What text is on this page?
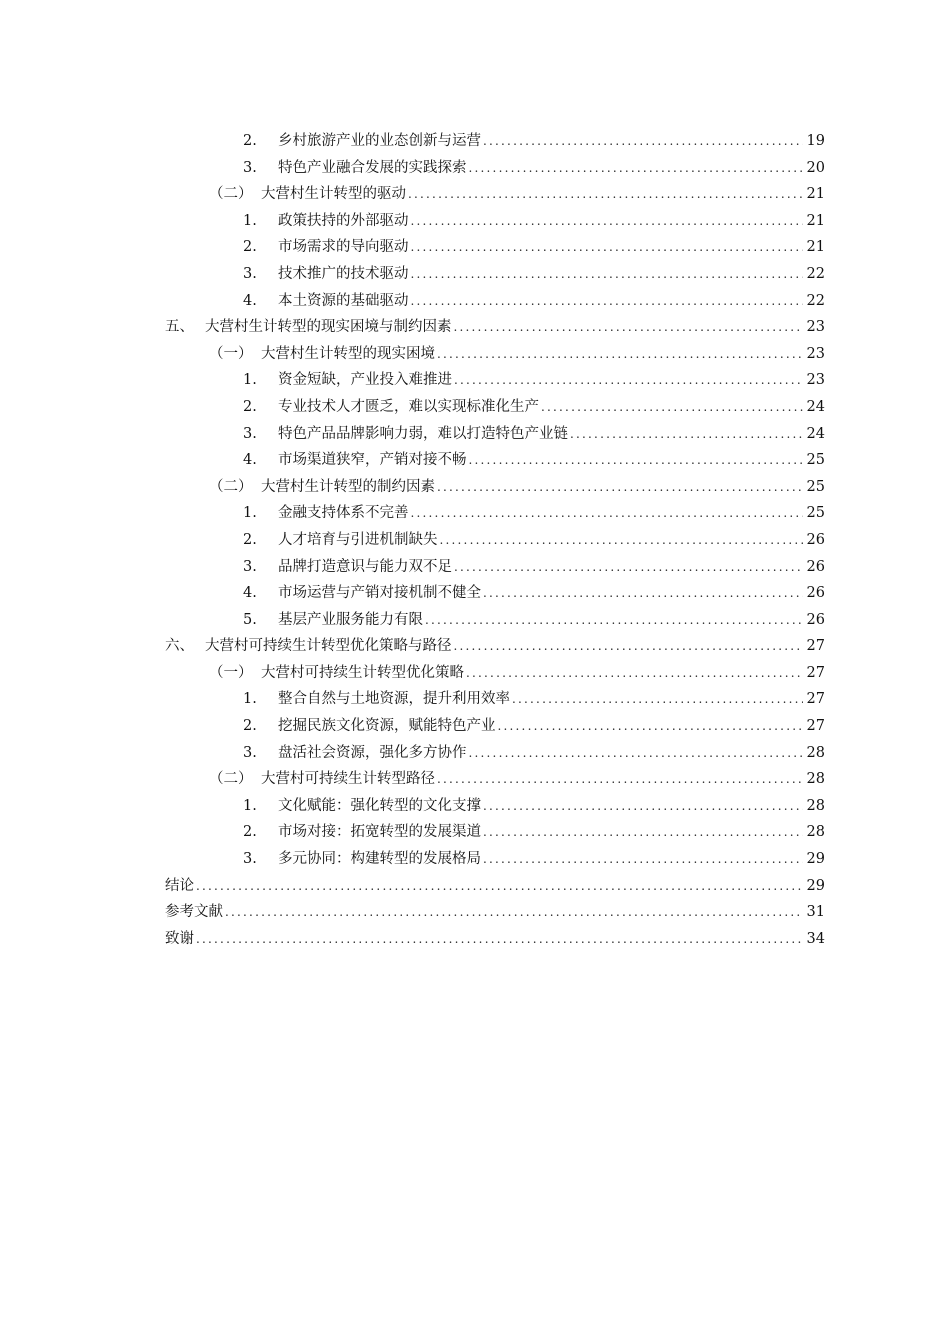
2.	乡村旅游产业的业态创新与运营 .....	19
3.	特色产业融合发展的实践探索 .....	20
（二） 大营村生计转型的驱动 .....	21
1.	政策扶持的外部驱动 .....	21
2.	市场需求的导向驱动 .....	21
3.	技术推广的技术驱动 .....	22
4.	本土资源的基础驱动 .....	22
五、 大营村生计转型的现实困境与制约因素 .....	23
（一） 大营村生计转型的现实困境 .....	23
1.	资金短缺，产业投入难推进 .....	23
2.	专业技术人才匮乏，难以实现标准化生产 .....	24
3.	特色产品品牌影响力弱，难以打造特色产业链 .....	24
4.	市场渠道狭窄，产销对接不畅 .....	25
（二） 大营村生计转型的制约因素 .....	25
1.	金融支持体系不完善 .....	25
2.	人才培育与引进机制缺失 .....	26
3.	品牌打造意识与能力双不足 .....	26
4.	市场运营与产销对接机制不健全 .....	26
5.	基层产业服务能力有限 .....	26
六、 大营村可持续生计转型优化策略与路径 .....	27
（一） 大营村可持续生计转型优化策略 .....	27
1.	整合自然与土地资源，提升利用效率 .....	27
2.	挖掘民族文化资源，赋能特色产业 .....	27
3.	盘活社会资源，强化多方协作 .....	28
（二） 大营村可持续生计转型路径 .....	28
1.	文化赋能：强化转型的文化支撑 .....	28
2.	市场对接：拓宽转型的发展渠道 .....	28
3.	多元协同：构建转型的发展格局 .....	29
结论 .....	29
参考文献 .....	31
致谢 .....	34
